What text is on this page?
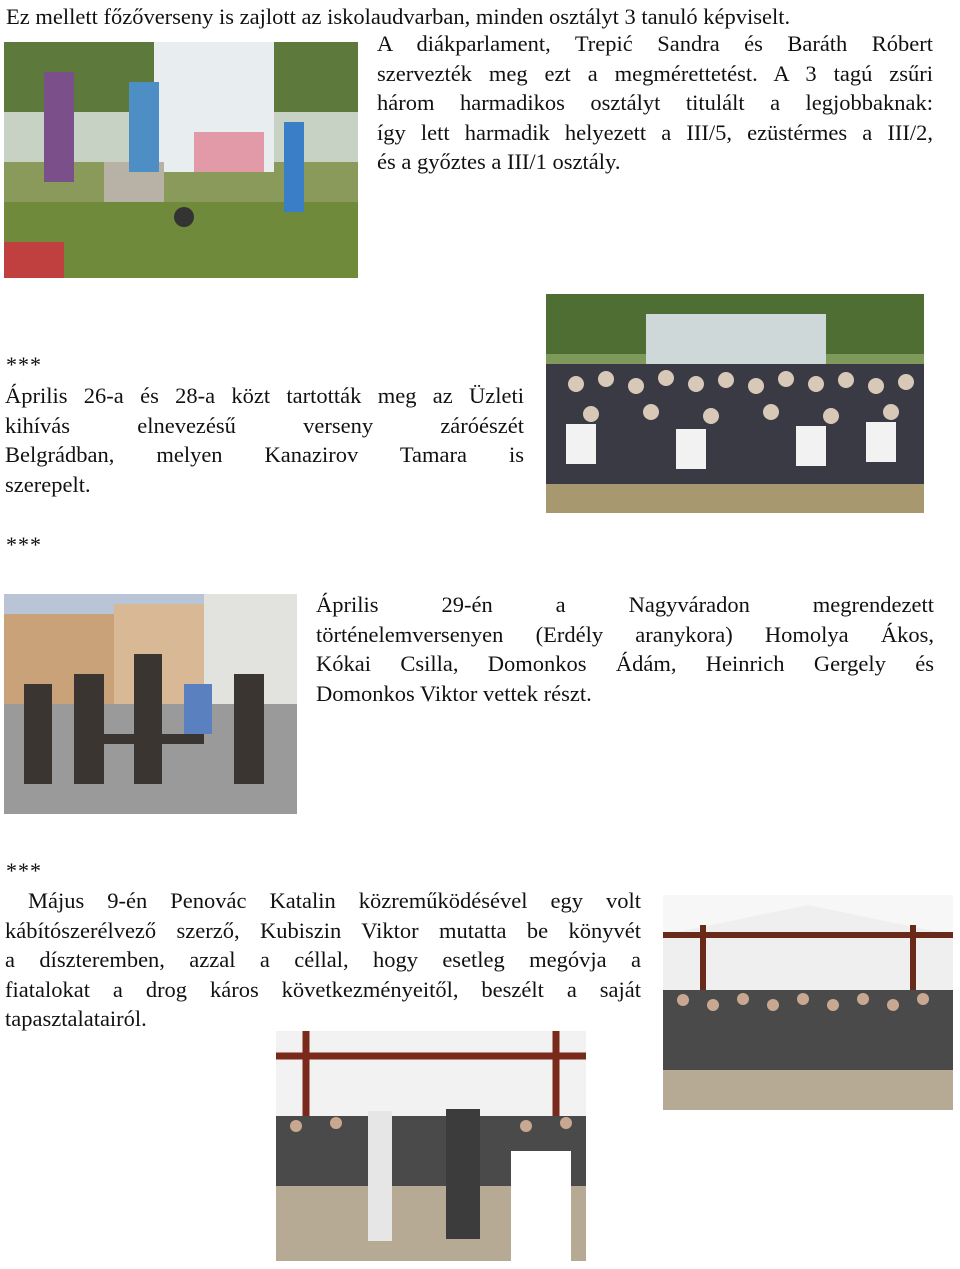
Ez mellett főzőverseny is zajlott az iskolaudvarban, minden osztályt 3 tanuló képviselt.
A diákparlament, Trepić Sandra és Baráth Róbert
szervezték meg ezt a megmérettetést. A 3 tagú zsűri
három harmadikos osztályt titulált a legjobbaknak:
így lett harmadik helyezett a III/5, ezüstérmes a III/2,
és a győztes a III/1 osztály.
***
Április 26-a és 28-a közt tartották meg az Üzleti
kihívás elnevezésű verseny záróészét
Belgrádban, melyen Kanazirov Tamara is
szerepelt.
***
Április 29-én a Nagyváradon megrendezett
történelemversenyen (Erdély aranykora) Homolya Ákos,
Kókai Csilla, Domonkos Ádám, Heinrich Gergely és
Domonkos Viktor vettek részt.
***
Május 9-én Penovác Katalin közreműködésével egy volt
kábítószerélvező szerző, Kubiszin Viktor mutatta be könyvét
a díszteremben, azzal a céllal, hogy esetleg megóvja a
fiatalokat a drog káros következményeitől, beszélt a saját
tapasztalatairól.
